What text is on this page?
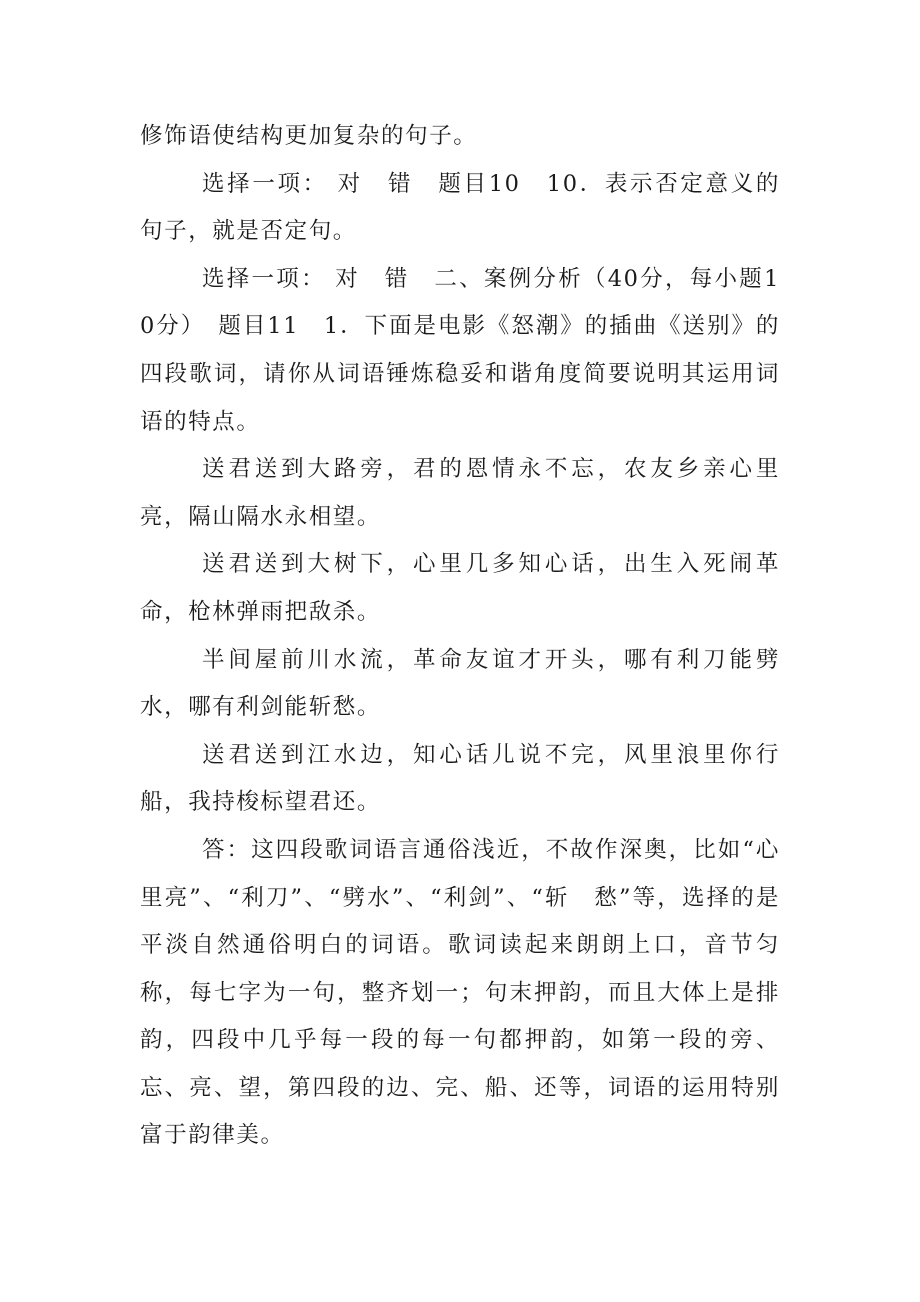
修饰语使结构更加复杂的句子。

选择一项： 对　错　题目10　10．表示否定意义的句子，就是否定句。

选择一项： 对　错　二、案例分析（40分，每小题10分）　题目11　1．下面是电影《怒潮》的插曲《送别》的四段歌词，请你从词语锤炼稳妥和谐角度简要说明其运用词语的特点。

送君送到大路旁，君的恩情永不忘，农友乡亲心里亮，隔山隔水永相望。

送君送到大树下，心里几多知心话，出生入死闹革命，枪林弹雨把敌杀。

半间屋前川水流，革命友谊才开头，哪有利刀能劈水，哪有利剑能斩愁。

送君送到江水边，知心话儿说不完，风里浪里你行船，我持梭标望君还。

答：这四段歌词语言通俗浅近，不故作深奥，比如“心里亮”、“利刀”、“劈水”、“利剑”、“斩　愁”等，选择的是平淡自然通俗明白的词语。歌词读起来朗朗上口，音节匀称，每七字为一句，整齐划一；句末押韵，而且大体上是排韵，四段中几乎每一段的每一句都押韵，如第一段的旁、忘、亮、望，第四段的边、完、船、还等，词语的运用特别富于韵律美。
